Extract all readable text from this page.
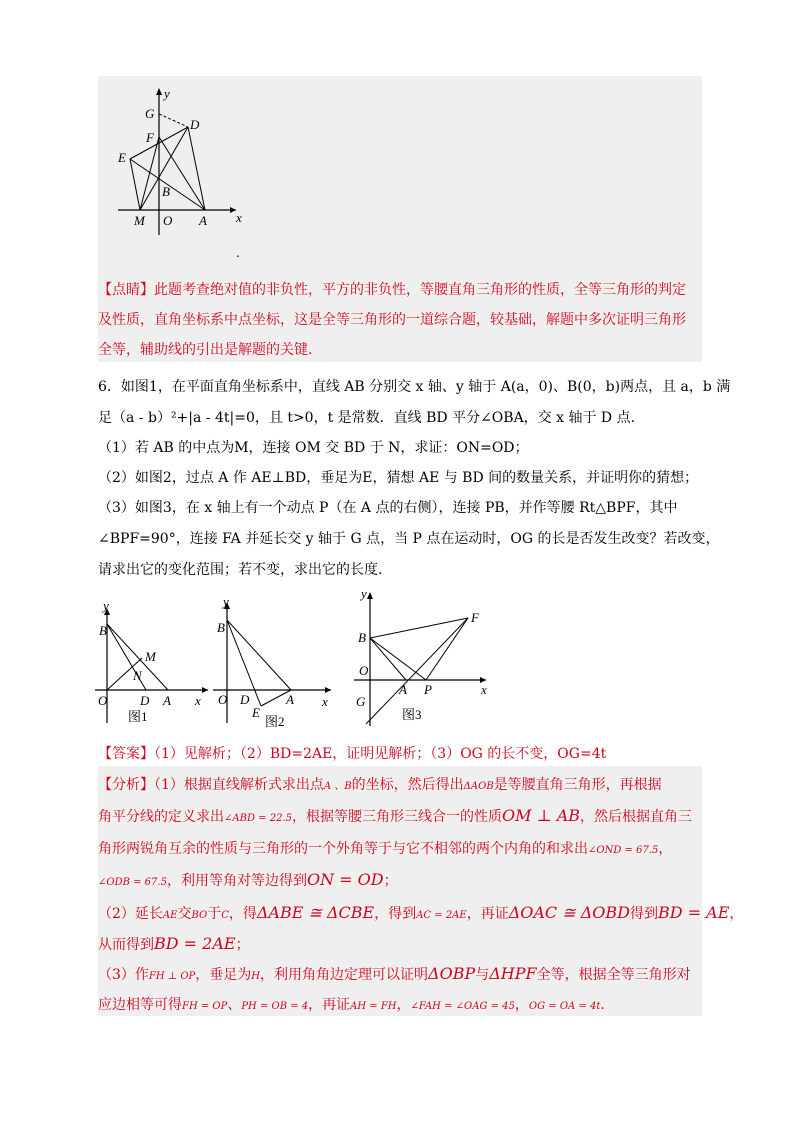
y
x
G
D
F
E
B
M O A
.
【点睛】此题考查绝对值的非负性，平方的非负性，等腰直角三角形的性质，全等三角形的判定
及性质，直角坐标系中点坐标，这是全等三角形的一道综合题，较基础，解题中多次证明三角形
全等，辅助线的引出是解题的关键.
6．如图1，在平面直角坐标系中，直线 AB 分别交 x 轴、y 轴于 A(a，0)、B(0，b)两点，且 a，b 满
足（a - b）²+|a - 4t|=0，且 t>0，t 是常数．直线 BD 平分∠OBA，交 x 轴于 D 点.
（1）若 AB 的中点为M，连接 OM 交 BD 于 N，求证：ON=OD；
（2）如图2，过点 A 作 AE⊥BD，垂足为E，猜想 AE 与 BD 间的数量关系，并证明你的猜想；
（3）如图3，在 x 轴上有一个动点 P（在 A 点的右侧），连接 PB，并作等腰 Rt△BPF，其中
∠BPF=90°，连接 FA 并延长交 y 轴于 G 点，当 P 点在运动时，OG 的长是否发生改变？若改变，
请求出它的变化范围；若不变，求出它的长度.
y
B
M
N
O	D A x
图1
y
B
O D	A
E
x
图2
y
B
F
O
A P
G
x
图3
【答案】（1）见解析；（2）BD=2AE，证明见解析；（3）OG 的长不变，OG=4t
【分析】（1）根据直线解析式求出点A 、B的坐标，然后得出ΔAOB是等腰直角三角形，再根据
角平分线的定义求出∠ABD = 22.5，根据等腰三角形三线合一的性质OM ⊥ AB，然后根据直角三
角形两锐角互余的性质与三角形的一个外角等于与它不相邻的两个内角的和求出∠OND = 67.5，
∠ODB = 67.5，利用等角对等边得到ON = OD；
（2）延长AE交BO于C，得ΔABE ≅ ΔCBE，得到AC = 2AE，再证ΔOAC ≅ ΔOBD得到BD = AE，
从而得到BD = 2AE；
（3）作FH ⊥ OP，垂足为H，利用角角边定理可以证明ΔOBP与ΔHPF全等，根据全等三角形对
应边相等可得FH = OP、PH = OB = 4，再证AH = FH，∠FAH = ∠OAG = 45，OG = OA = 4t.
